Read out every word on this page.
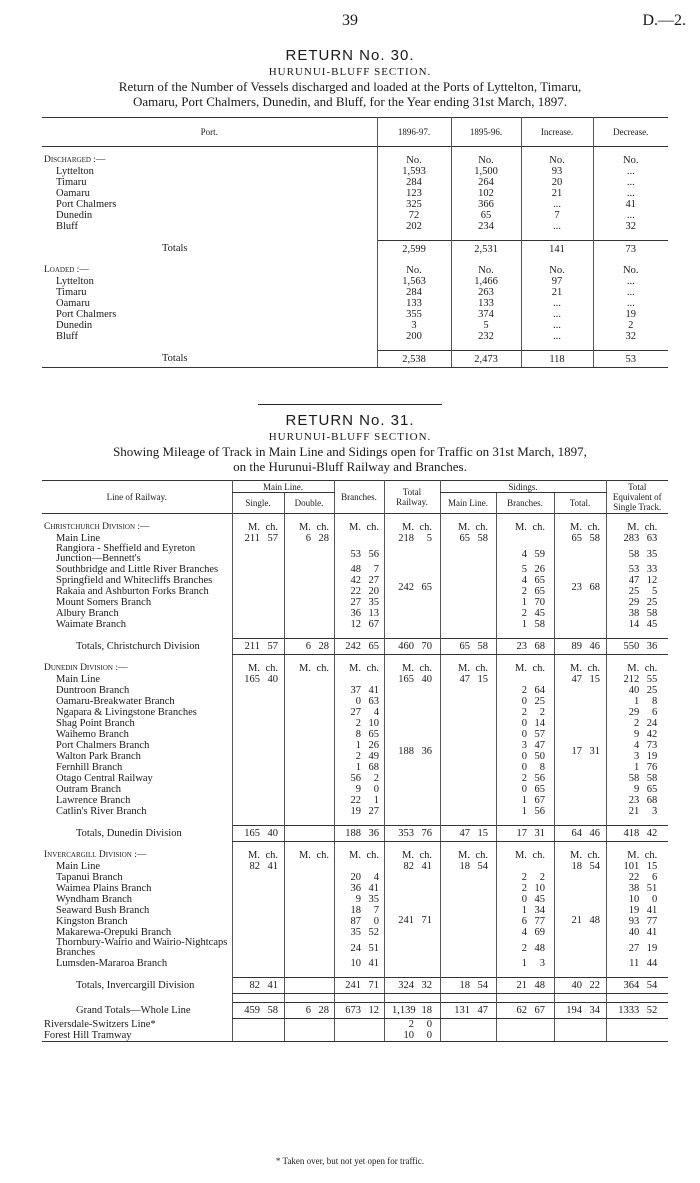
39	D.—2.
RETURN No. 30.
HURUNUI-BLUFF SECTION.
Return of the Number of Vessels discharged and loaded at the Ports of Lyttelton, Timaru,
Oamaru, Port Chalmers, Dunedin, and Bluff, for the Year ending 31st March, 1897.
Port.	1896-97.	1895-96.	Increase.	Decrease.

Discharged :—	No.	No.	No.	No.
Lyttelton	1,593	1,500	93	...
Timaru	284	264	20	...
Oamaru	123	102	21	...
Port Chalmers	325	366	...	41
Dunedin	72	65	7	...
Bluff	202	234	...	32

Totals	2,599	2,531	141	73

Loaded :—	No.	No.	No.	No.
Lyttelton	1,563	1,466	97	...
Timaru	284	263	21	...
Oamaru	133	133	...	...
Port Chalmers	355	374	...	19
Dunedin	3	5	...	2
Bluff	200	232	...	32

Totals	2,538	2,473	118	53
RETURN No. 31.
HURUNUI-BLUFF SECTION.
Showing Mileage of Track in Main Line and Sidings open for Traffic on 31st March, 1897,
on the Hurunui-Bluff Railway and Branches.
Line of Railway.	Main Line.		Branches.	Total Railway.	Sidings.			Total Equivalent of Single Track.
	Single.	Double.			Main Line.	Branches.	Total.	

Christchurch Division :—	M. ch.	M. ch.	M. ch.	M. ch.	M. ch.	M. ch.	M. ch.	M. ch.
Main Line	211 57	6 28		218 5	65 58		65 58	283 63
Rangiora - Sheffield and Eyreton Junction—Bennett's			53 56	242 65		4 59	23 68	58 35
Southbridge and Little River Branches			48 7			5 26		53 33
Springfield and Whitecliffs Branches			42 27			4 65		47 12
Rakaia and Ashburton Forks Branch			22 20			2 65		25 5
Mount Somers Branch			27 35			1 70		29 25
Albury Branch			36 13			2 45		38 58
Waimate Branch			12 67			1 58		14 45

Totals, Christchurch Division	211 57	6 28	242 65	460 70	65 58	23 68	89 46	550 36

Dunedin Division :—	M. ch.	M. ch.	M. ch.	M. ch.	M. ch.	M. ch.	M. ch.	M. ch.
Main Line	165 40			165 40	47 15		47 15	212 55
Duntroon Branch			37 41	188 36		2 64	17 31	40 25
Oamaru-Breakwater Branch			0 63			0 25		1 8
Ngapara & Livingstone Branches			27 4			2 2		29 6
Shag Point Branch			2 10			0 14		2 24
Waihemo Branch			8 65			0 57		9 42
Port Chalmers Branch			1 26			3 47		4 73
Walton Park Branch			2 49			0 50		3 19
Fernhill Branch			1 68			0 8		1 76
Otago Central Railway			56 2			2 56		58 58
Outram Branch			9 0			0 65		9 65
Lawrence Branch			22 1			1 67		23 68
Catlin's River Branch			19 27			1 56		21 3

Totals, Dunedin Division	165 40		188 36	353 76	47 15	17 31	64 46	418 42

Invercargill Division :—	M. ch.	M. ch.	M. ch.	M. ch.	M. ch.	M. ch.	M. ch.	M. ch.
Main Line	82 41			82 41	18 54		18 54	101 15
Tapanui Branch			20 4	241 71		2 2	21 48	22 6
Waimea Plains Branch			36 41			2 10		38 51
Wyndham Branch			9 35			0 45		10 0
Seaward Bush Branch			18 7			1 34		19 41
Kingston Branch			87 0			6 77		93 77
Makarewa-Orepuki Branch			35 52			4 69		40 41
Thornbury-Wairio and Wairio-Nightcaps Branches			24 51			2 48		27 19
Lumsden-Mararoa Branch			10 41			1 3		11 44

Totals, Invercargill Division	82 41		241 71	324 32	18 54	21 48	40 22	364 54

Grand Totals—Whole Line	459 58	6 28	673 12	1,139 18	131 47	62 67	194 34	1333 52
Riversdale-Switzers Line*				2 0				
Forest Hill Tramway				10 0				
* Taken over, but not yet open for traffic.
